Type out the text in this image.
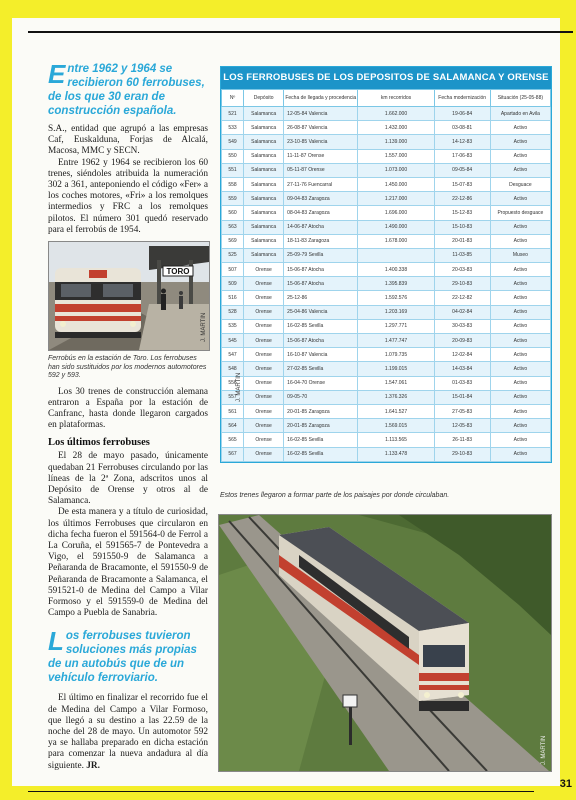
Entre 1962 y 1964 se recibieron 60 ferrobuses, de los que 30 eran de construcción española.

S.A., entidad que agrupó a las empresas Caf, Euskalduna, Forjas de Alcalá, Macosa, MMC y SECN.

Entre 1962 y 1964 se recibieron los 60 trenes, siéndoles atribuida la numeración 302 a 361, anteponiendo el código «Fer» a los coches motores, «Fri» a los remolques intermedios y FRC a los remolques pilotos. El número 301 quedó reservado para el ferrobús de 1954.

TORO
J. MARTIN
Ferrobús en la estación de Toro. Los ferrobuses han sido sustituidos por los modernos automotores 592 y 593.

Los 30 trenes de construcción alemana entraron a España por la estación de Canfranc, hasta donde llegaron cargados en plataformas.

Los últimos ferrobuses

El 28 de mayo pasado, únicamente quedaban 21 Ferrobuses circulando por las líneas de la 2ª Zona, adscritos unos al Depósito de Orense y otros al de Salamanca.

De esta manera y a título de curiosidad, los últimos Ferrobuses que circularon en dicha fecha fueron el 591564-0 de Ferrol a La Coruña, el 591565-7 de Pontevedra a Vigo, el 591550-9 de Salamanca a Peñaranda de Bracamonte, el 591550-9 de Peñaranda de Bracamonte a Salamanca, el 591521-0 de Medina del Campo a Vilar Formoso y el 591559-0 de Medina del Campo a Puebla de Sanabria.

Los ferrobuses tuvieron soluciones más propias de un autobús que de un vehículo ferroviario.

El último en finalizar el recorrido fue el de Medina del Campo a Vilar Formoso, que llegó a su destino a las 22.59 de la noche del 28 de mayo. Un automotor 592 ya se hallaba preparado en dicha estación para comenzar la nueva andadura al día siguiente. JR.

LOS FERROBUSES DE LOS DEPOSITOS DE SALAMANCA Y ORENSE
Nº	Depósito	Fecha de llegada y procedencia	km recorridos	Fecha modernización	Situación (25-05-88)
521	Salamanca	12-05-84 Valencia	1.662.000	19-06-84	Apartado en Avila
533	Salamanca	26-08-87 Valencia	1.432.000	03-08-81	Activo
549	Salamanca	23-10-85 Valencia	1.139.000	14-12-83	Activo
550	Salamanca	11-11-87 Orense	1.557.000	17-06-83	Activo
551	Salamanca	05-11-87 Orense	1.073.000	09-05-84	Activo
558	Salamanca	27-11-76 Fuencarral	1.450.000	15-07-83	Desguace
559	Salamanca	09-04-83 Zaragoza	1.217.000	22-12-86	Activo
560	Salamanca	08-04-83 Zaragoza	1.696.000	15-12-83	Propuesto desguace
563	Salamanca	14-06-87 Atocha	1.490.000	15-10-83	Activo
569	Salamanca	18-11-83 Zaragoza	1.678.000	20-01-83	Activo
525	Salamanca	25-09-79 Sevilla		11-03-85	Museo
507	Orense	15-06-87 Atocha	1.400.338	20-03-83	Activo
509	Orense	15-06-87 Atocha	1.395.839	29-10-83	Activo
516	Orense	25-12-86	1.592.576	22-12-82	Activo
528	Orense	25-04-86 Valencia	1.203.169	04-02-84	Activo
535	Orense	16-02-85 Sevilla	1.297.771	30-03-83	Activo
545	Orense	15-06-87 Atocha	1.477.747	20-09-83	Activo
547	Orense	16-10-87 Valencia	1.079.735	12-02-84	Activo
548	Orense	27-02-85 Sevilla	1.199.015	14-03-84	Activo
556	Orense	16-04-70 Orense	1.547.061	01-03-83	Activo
557	Orense	09-05-70	1.376.326	15-01-84	Activo
561	Orense	20-01-85 Zaragoza	1.641.527	27-05-83	Activo
564	Orense	20-01-85 Zaragoza	1.569.015	12-05-83	Activo
565	Orense	16-02-85 Sevilla	1.113.565	26-11-83	Activo
567	Orense	16-02-85 Sevilla	1.133.478	29-10-83	Activo
J. MARTIN
Estos trenes llegaron a formar parte de los paisajes por donde circulaban.
J. MARTIN
31
